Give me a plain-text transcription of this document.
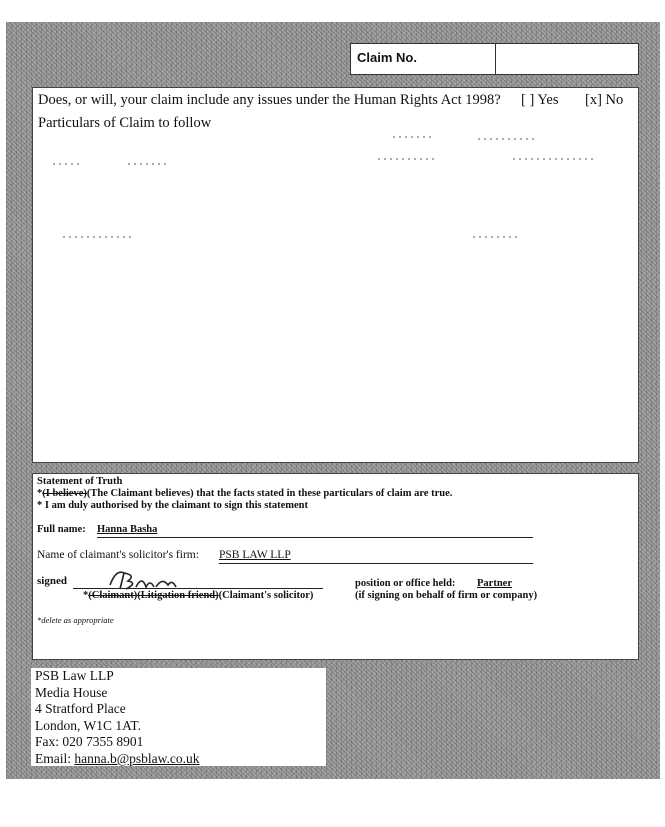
Claim No.
Does, or will, your claim include any issues under the Human Rights Act 1998? [ ] Yes [x] No
Particulars of Claim to follow
Statement of Truth
*(I believe)(The Claimant believes) that the facts stated in these particulars of claim are true.
* I am duly authorised by the claimant to sign this statement
Full name: Hanna Basha
Name of claimant's solicitor's firm: PSB LAW LLP
signed
*(Claimant)(Litigation friend)(Claimant's solicitor)
position or office held: Partner
(if signing on behalf of firm or company)
*delete as appropriate
PSB Law LLP
Media House
4 Stratford Place
London, W1C 1AT.
Fax: 020 7355 8901
Email: hanna.b@psblaw.co.uk
